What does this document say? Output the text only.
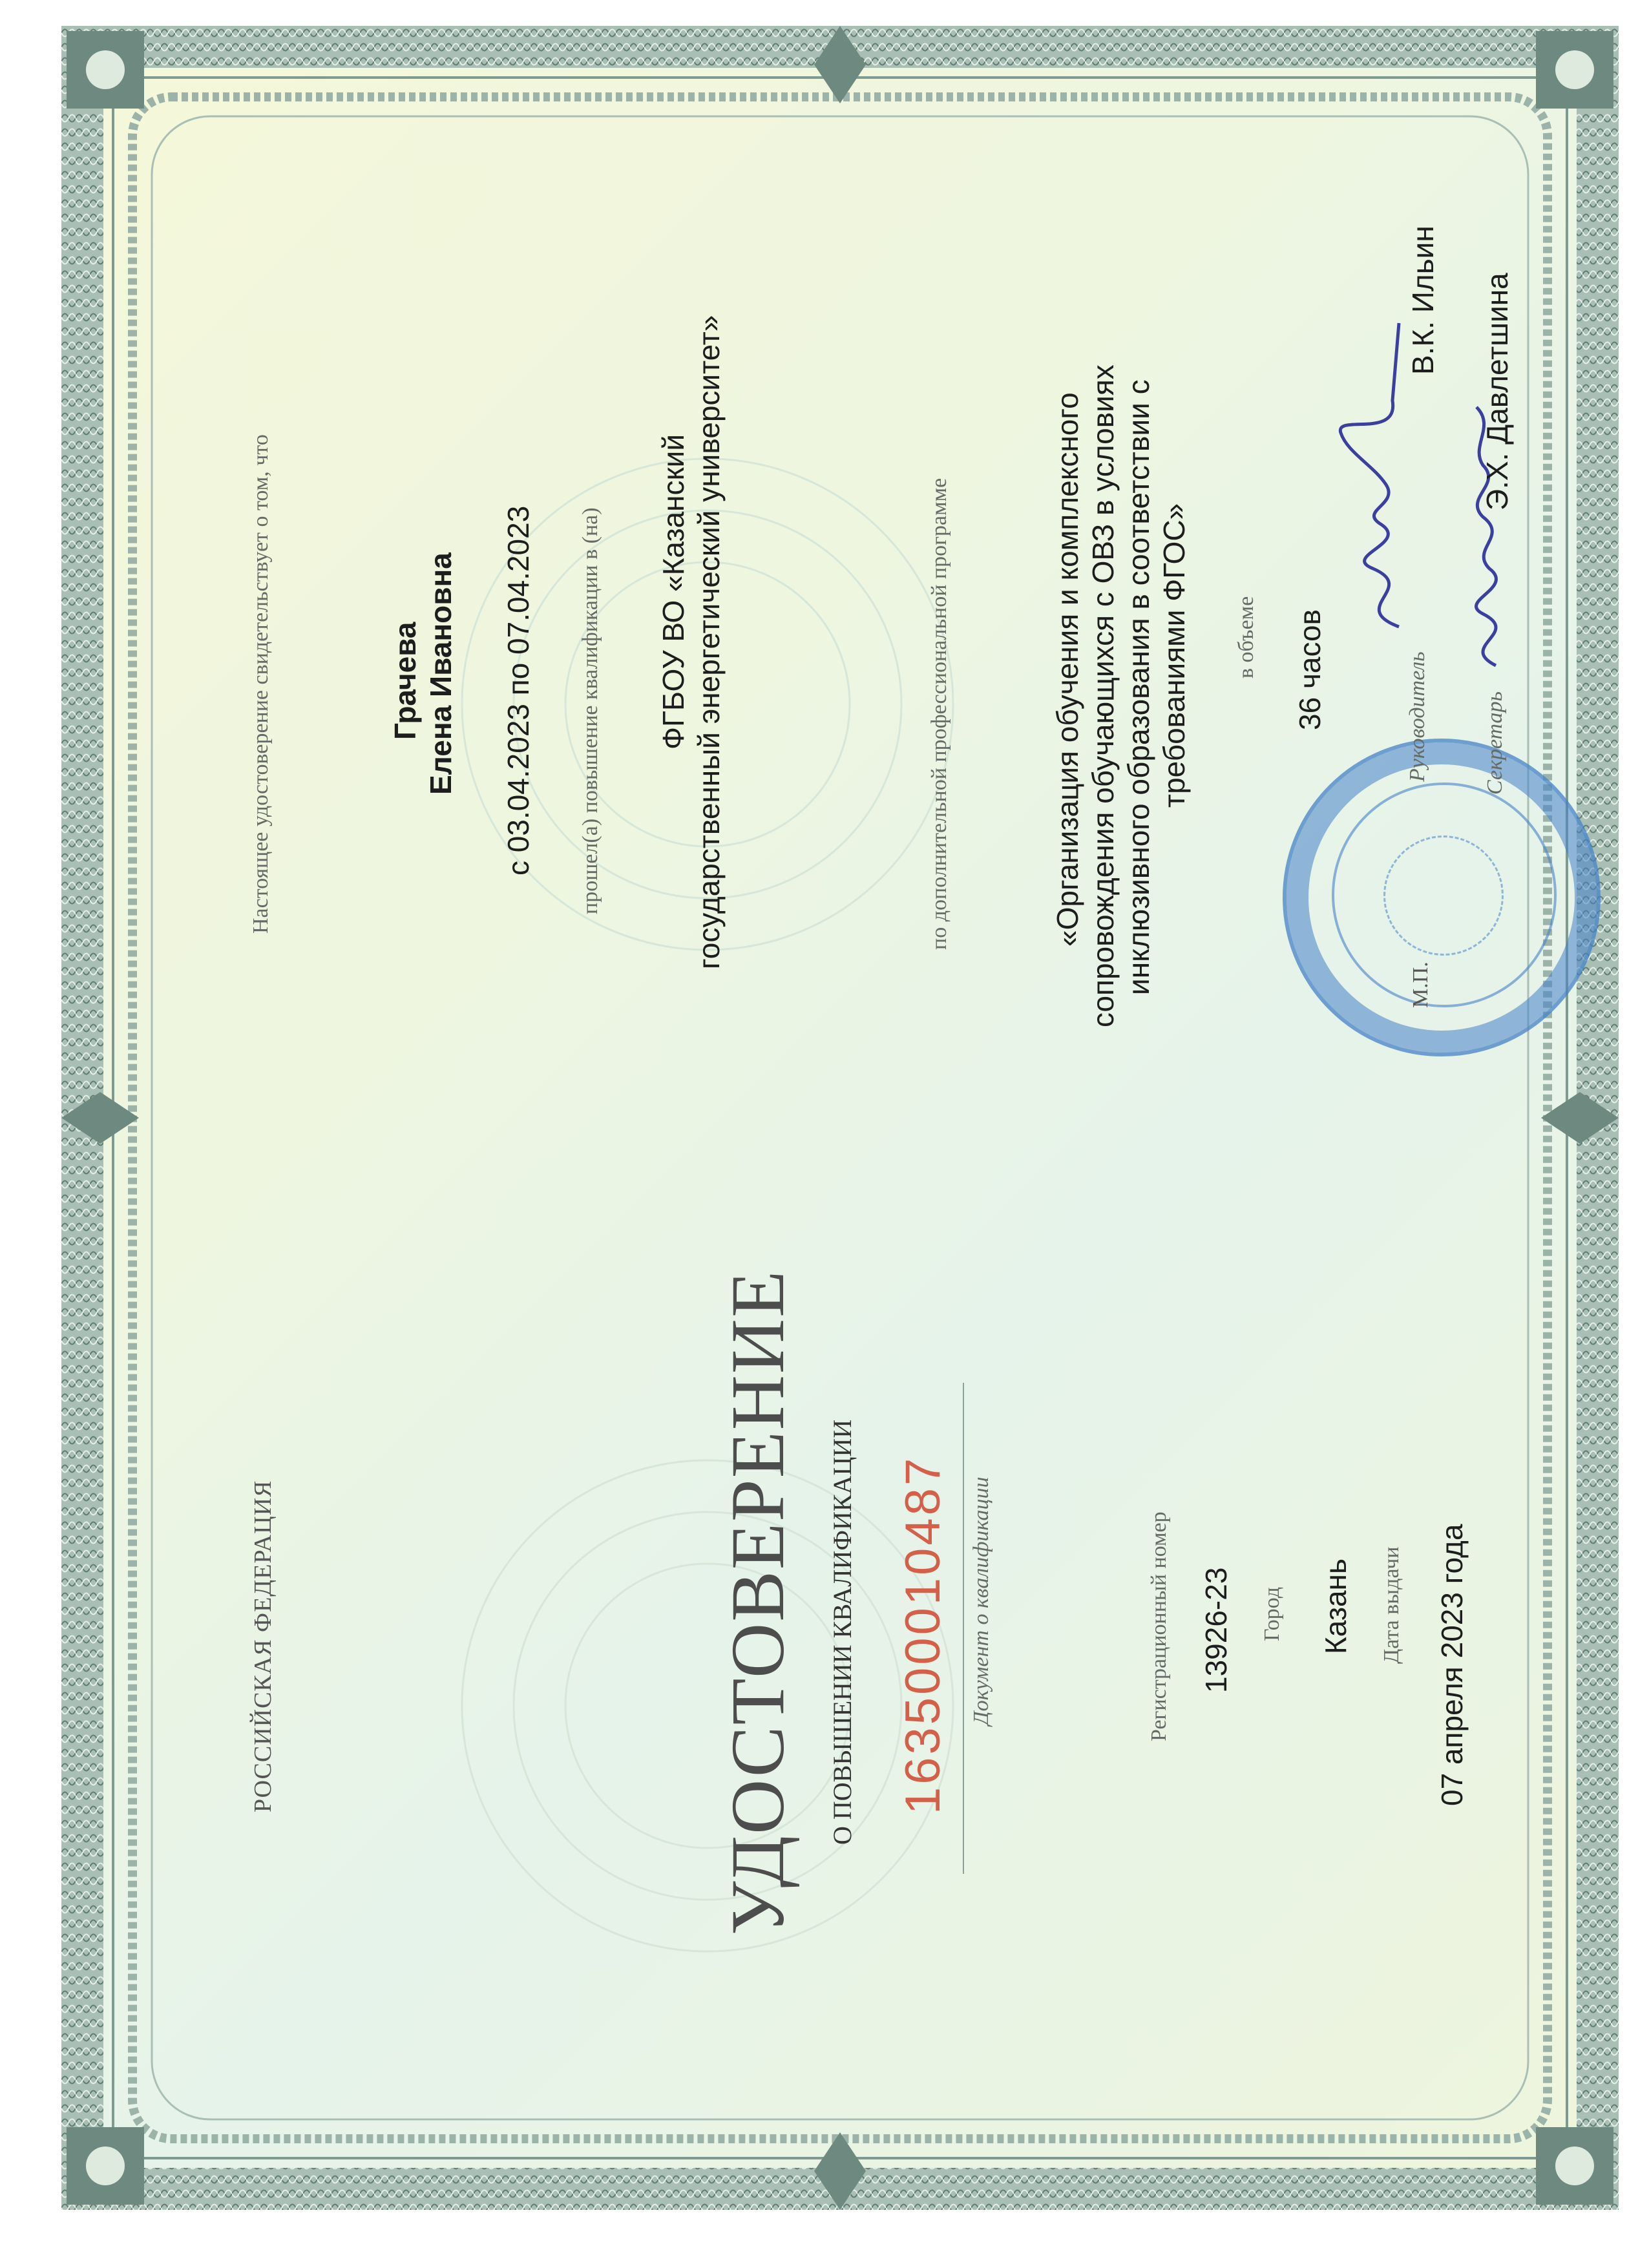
РОССИЙСКАЯ ФЕДЕРАЦИЯ	УДОСТОВЕРЕНИЕ О ПОВЫШЕНИИ КВАЛИФИКАЦИИ 163500010487 Документ о квалификации	Регистрационный номер 13926-23 Город Казань Дата выдачи 07 апреля 2023 года
Настоящее удостоверение свидетельствует о том, что	Грачева Елена Ивановна с 03.04.2023 по 07.04.2023 прошел(а) повышение квалификации в (на) ФГБОУ ВО «Казанский государственный энергетический университет»	по дополнительной профессиональной программе	«Организация обучения и комплексного сопровождения обучающихся с ОВЗ в условиях инклюзивного образования в соответствии с требованиями ФГОС» в объеме 36 часов
М.П.
Руководитель Секретарь
В.К. Ильин Э.Х. Давлетшина
